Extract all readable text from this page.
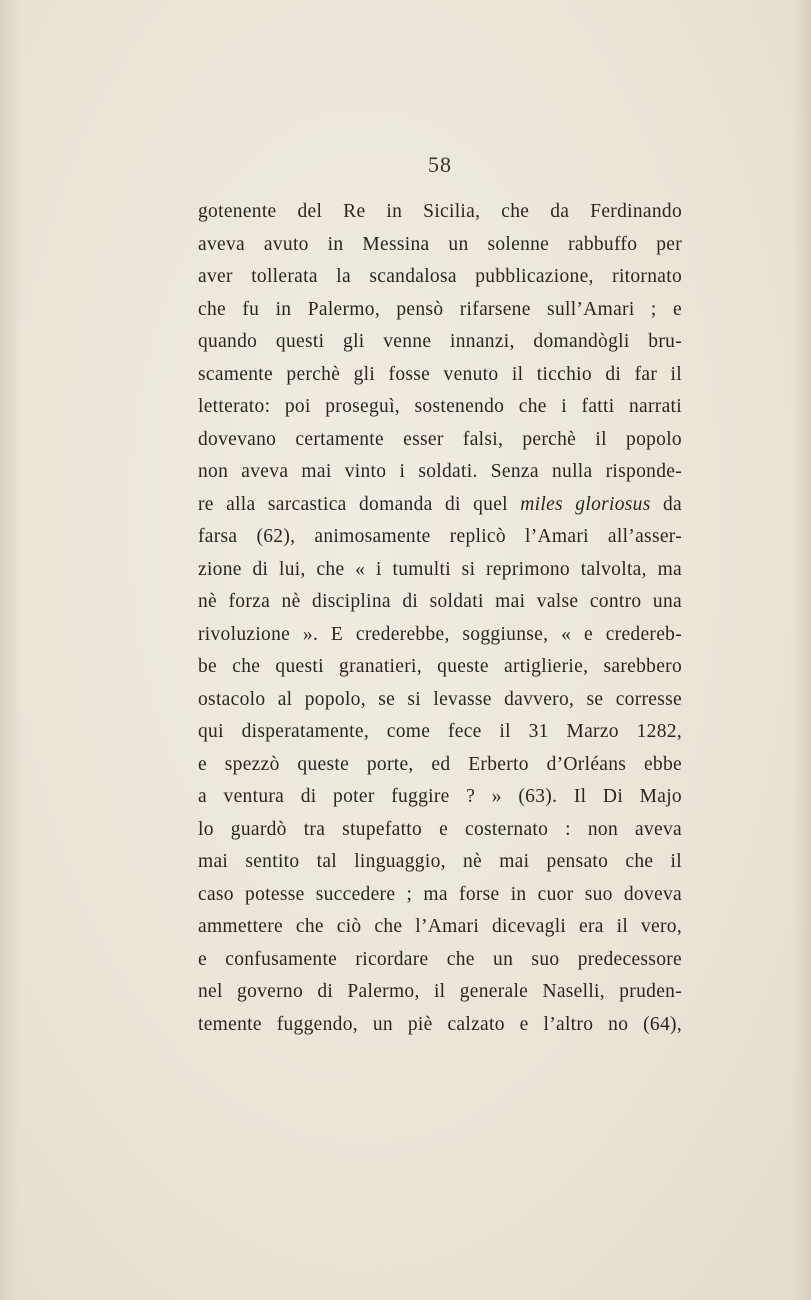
58
gotenente del Re in Sicilia, che da Ferdinando
aveva avuto in Messina un solenne rabbuffo per
aver tollerata la scandalosa pubblicazione, ritornato
che fu in Palermo, pensò rifarsene sull’Amari ; e
quando questi gli venne innanzi, domandògli bru-
scamente perchè gli fosse venuto il ticchio di far il
letterato: poi proseguì, sostenendo che i fatti narrati
dovevano certamente esser falsi, perchè il popolo
non aveva mai vinto i soldati. Senza nulla risponde-
re alla sarcastica domanda di quel miles gloriosus da
farsa (62), animosamente replicò l’Amari all’asser-
zione di lui, che « i tumulti si reprimono talvolta, ma
nè forza nè disciplina di soldati mai valse contro una
rivoluzione ». E crederebbe, soggiunse, « e credereb-
be che questi granatieri, queste artiglierie, sarebbero
ostacolo al popolo, se si levasse davvero, se corresse
qui disperatamente, come fece il 31 Marzo 1282,
e spezzò queste porte, ed Erberto d’Orléans ebbe
a ventura di poter fuggire ? » (63). Il Di Majo
lo guardò tra stupefatto e costernato : non aveva
mai sentito tal linguaggio, nè mai pensato che il
caso potesse succedere ; ma forse in cuor suo doveva
ammettere che ciò che l’Amari dicevagli era il vero,
e confusamente ricordare che un suo predecessore
nel governo di Palermo, il generale Naselli, pruden-
temente fuggendo, un piè calzato e l’altro no (64),
